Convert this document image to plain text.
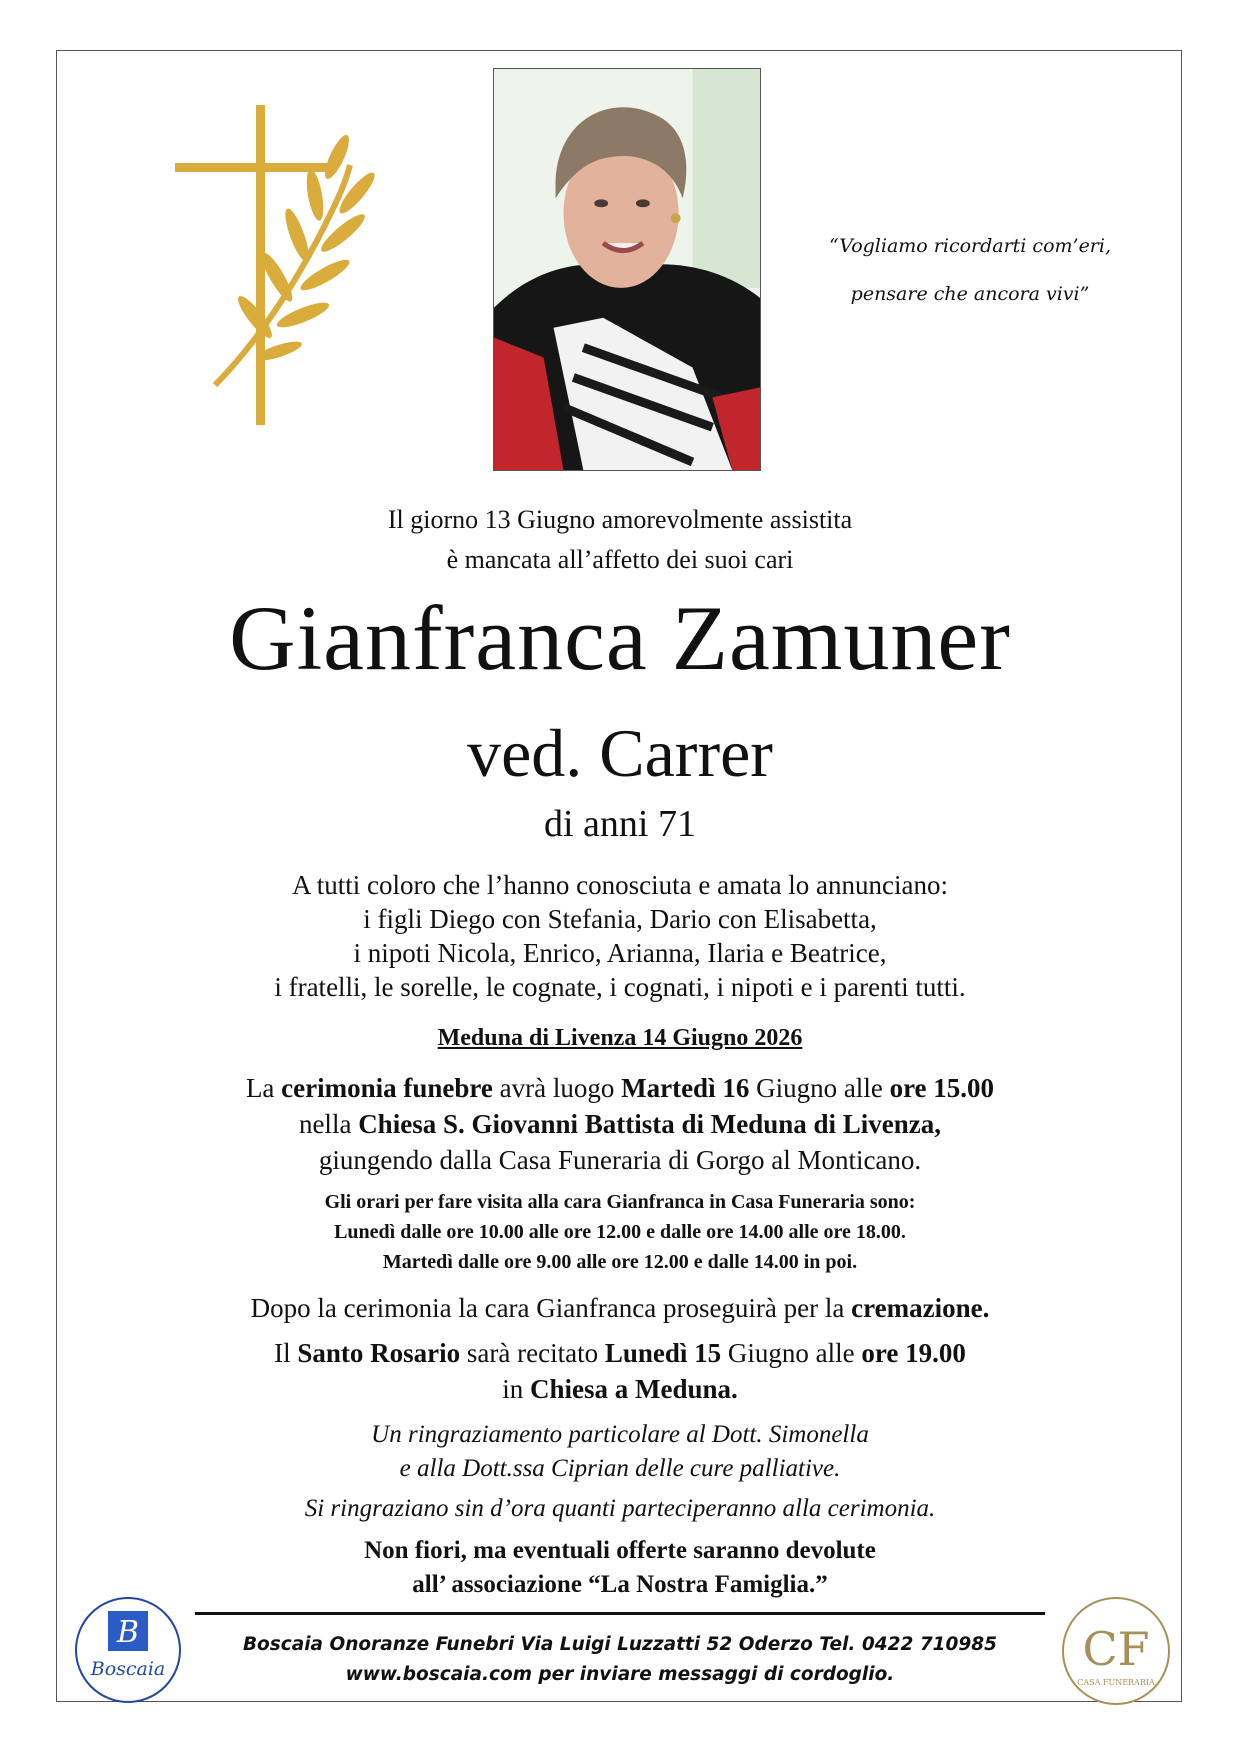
“Vogliamo ricordarti com’eri,
pensare che ancora vivi”
Il giorno 13 Giugno amorevolmente assistita
è mancata all’affetto dei suoi cari
Gianfranca Zamuner
ved. Carrer
di anni 71
A tutti coloro che l’hanno conosciuta e amata lo annunciano:
i figli Diego con Stefania, Dario con Elisabetta,
i nipoti Nicola, Enrico, Arianna, Ilaria e Beatrice,
i fratelli, le sorelle, le cognate, i cognati, i nipoti e i parenti tutti.
Meduna di Livenza 14 Giugno 2026
La cerimonia funebre avrà luogo Martedì 16 Giugno alle ore 15.00
nella Chiesa S. Giovanni Battista di Meduna di Livenza,
giungendo dalla Casa Funeraria di Gorgo al Monticano.
Gli orari per fare visita alla cara Gianfranca in Casa Funeraria sono:
Lunedì dalle ore 10.00 alle ore 12.00 e dalle ore 14.00 alle ore 18.00.
Martedì dalle ore 9.00 alle ore 12.00 e dalle 14.00 in poi.
Dopo la cerimonia la cara Gianfranca proseguirà per la cremazione.
Il Santo Rosario sarà recitato Lunedì 15 Giugno alle ore 19.00
in Chiesa a Meduna.
Un ringraziamento particolare al Dott. Simonella
e alla Dott.ssa Ciprian delle cure palliative.
Si ringraziano sin d’ora quanti parteciperanno alla cerimonia.
Non fiori, ma eventuali offerte saranno devolute
all’ associazione “La Nostra Famiglia.”
Boscaia Onoranze Funebri Via Luigi Luzzatti 52 Oderzo Tel. 0422 710985
www.boscaia.com per inviare messaggi di cordoglio.
B
Boscaia	CF
CASA FUNERARIA
